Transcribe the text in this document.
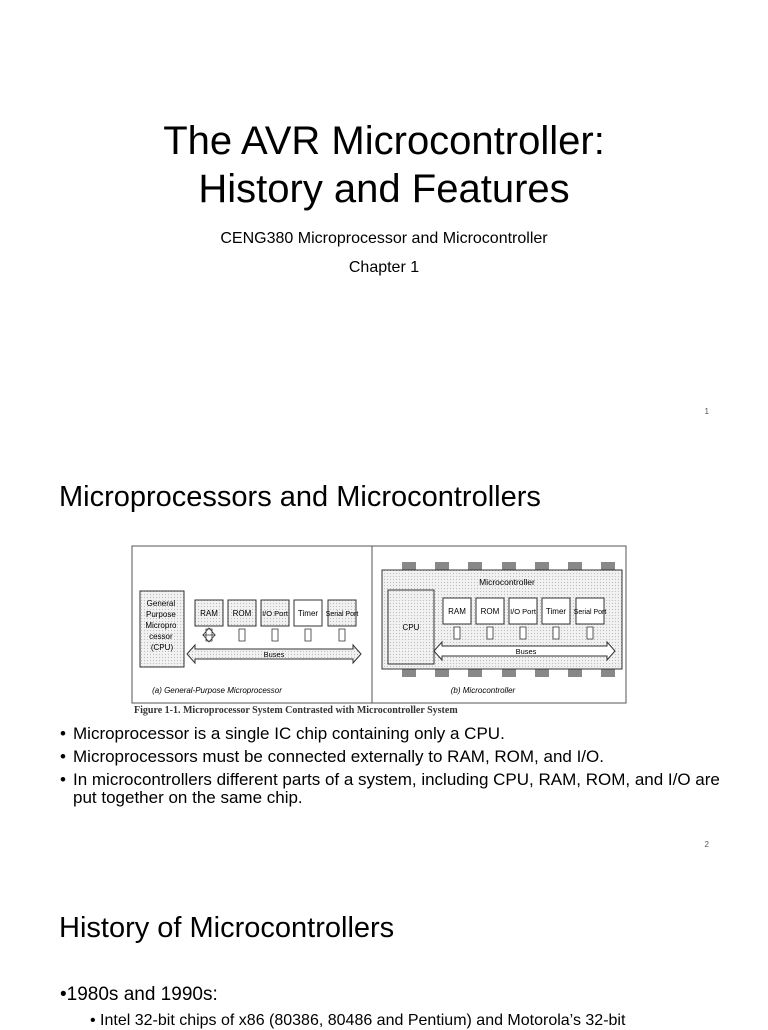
The AVR Microcontroller:
History and Features
CENG380 Microprocessor and Microcontroller
Chapter 1
1
Microprocessors and Microcontrollers
General Purpose Micropro cessor (CPU)
RAM ROM I/O Port Timer Serial Port
Buses
(a) General-Purpose Microprocessor
Microcontroller
CPU
RAM ROM I/O Port Timer Serial Port
Buses
(b) Microcontroller
Figure 1-1. Microprocessor System Contrasted with Microcontroller System
• Microprocessor is a single IC chip containing only a CPU.
• Microprocessors must be connected externally to RAM, ROM, and I/O.
• In microcontrollers different parts of a system, including CPU, RAM, ROM, and I/O are put together on the same chip.
2
History of Microcontrollers
•1980s and 1990s:
• Intel 32-bit chips of x86 (80386, 80486 and Pentium) and Motorola’s 32-bit
